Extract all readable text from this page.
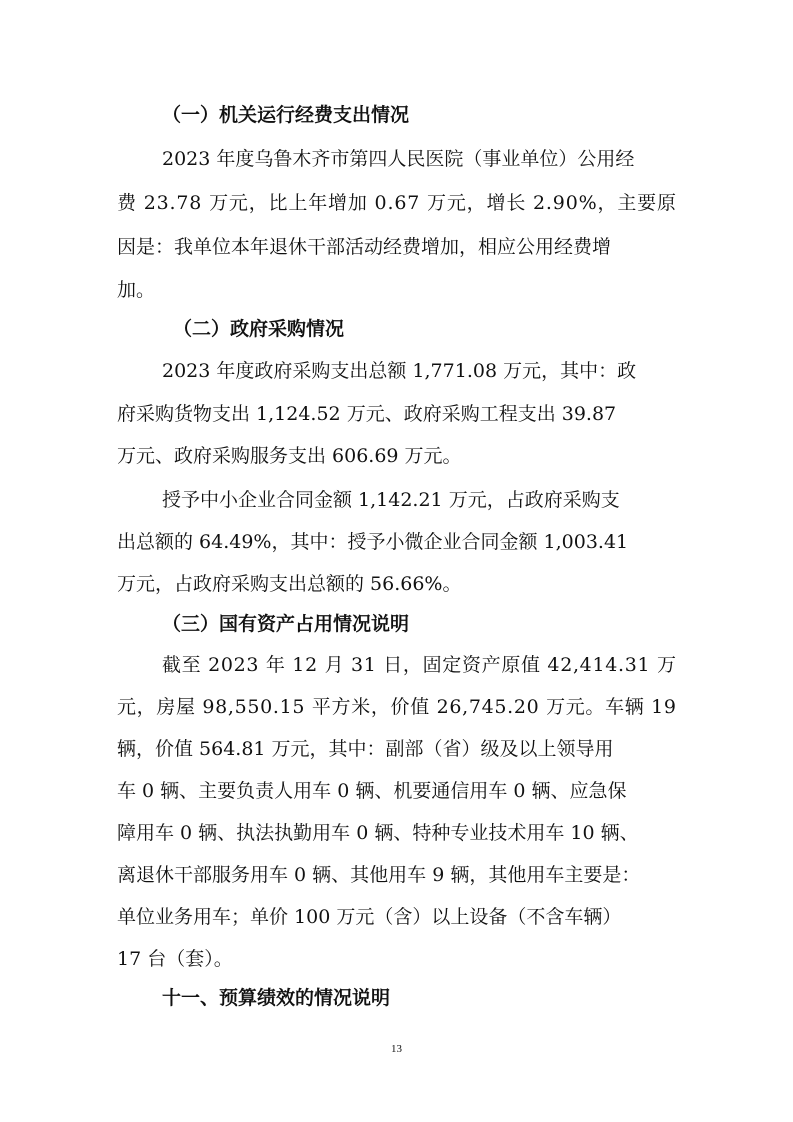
（一）机关运行经费支出情况
2023 年度乌鲁木齐市第四人民医院（事业单位）公用经
费 23.78 万元，比上年增加 0.67 万元，增长 2.90%，主要原
因是：我单位本年退休干部活动经费增加，相应公用经费增
加。
（二）政府采购情况
2023 年度政府采购支出总额 1,771.08 万元，其中：政
府采购货物支出 1,124.52 万元、政府采购工程支出 39.87
万元、政府采购服务支出 606.69 万元。
授予中小企业合同金额 1,142.21 万元，占政府采购支
出总额的 64.49%，其中：授予小微企业合同金额 1,003.41
万元，占政府采购支出总额的 56.66%。
（三）国有资产占用情况说明
截至 2023 年 12 月 31 日，固定资产原值 42,414.31 万
元，房屋 98,550.15 平方米，价值 26,745.20 万元。车辆 19
辆，价值 564.81 万元，其中：副部（省）级及以上领导用
车 0 辆、主要负责人用车 0 辆、机要通信用车 0 辆、应急保
障用车 0 辆、执法执勤用车 0 辆、特种专业技术用车 10 辆、
离退休干部服务用车 0 辆、其他用车 9 辆，其他用车主要是：
单位业务用车；单价 100 万元（含）以上设备（不含车辆）
17 台（套）。
十一、预算绩效的情况说明
13
